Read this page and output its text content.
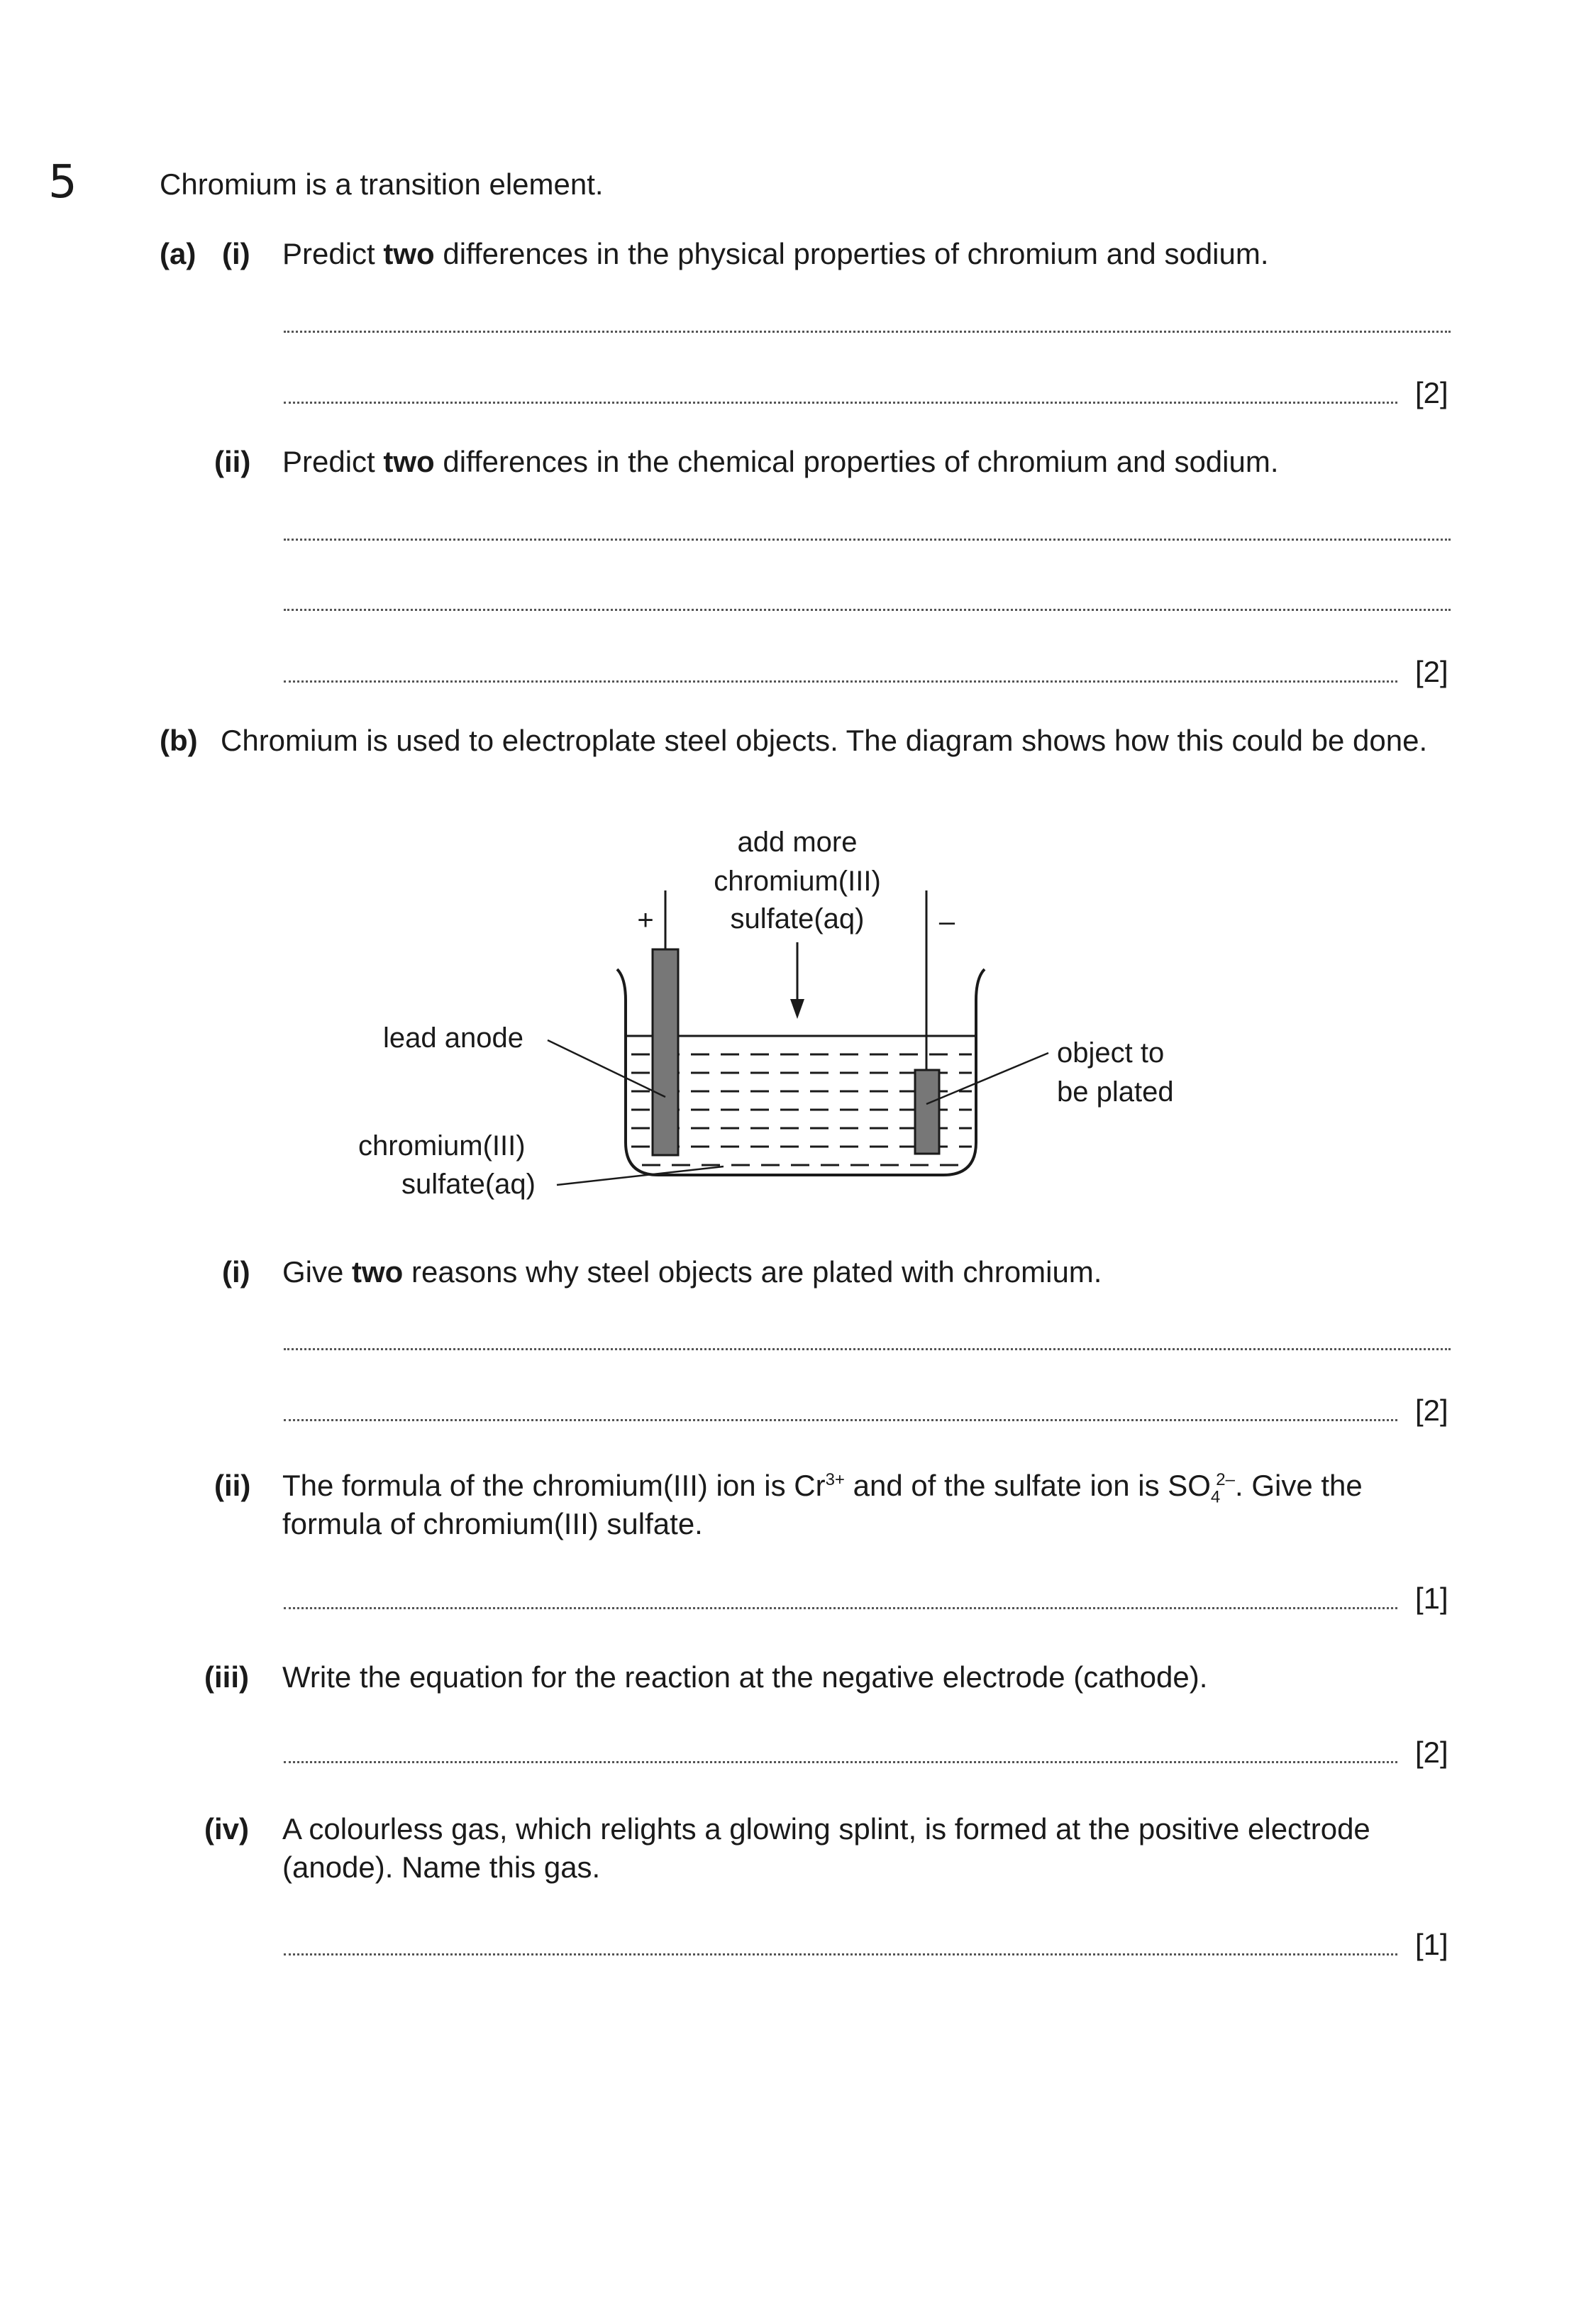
5	Chromium is a transition element.
(a) (i) Predict two differences in the physical properties of chromium and sodium.
[2]
(ii) Predict two differences in the chemical properties of chromium and sodium.
[2]
(b) Chromium is used to electroplate steel objects. The diagram shows how this could be done.
add more
chromium(III)
sulfate(aq)
+	–
lead anode	object to
be plated
chromium(III)
sulfate(aq)
(i) Give two reasons why steel objects are plated with chromium.
[2]
(ii) The formula of the chromium(III) ion is $Cr^{3+}$ and of the sulfate ion is $SO_4^{2-}$. Give the
formula of chromium(III) sulfate.
[1]
(iii) Write the equation for the reaction at the negative electrode (cathode).
[2]
(iv) A colourless gas, which relights a glowing splint, is formed at the positive electrode
(anode). Name this gas.
[1]
